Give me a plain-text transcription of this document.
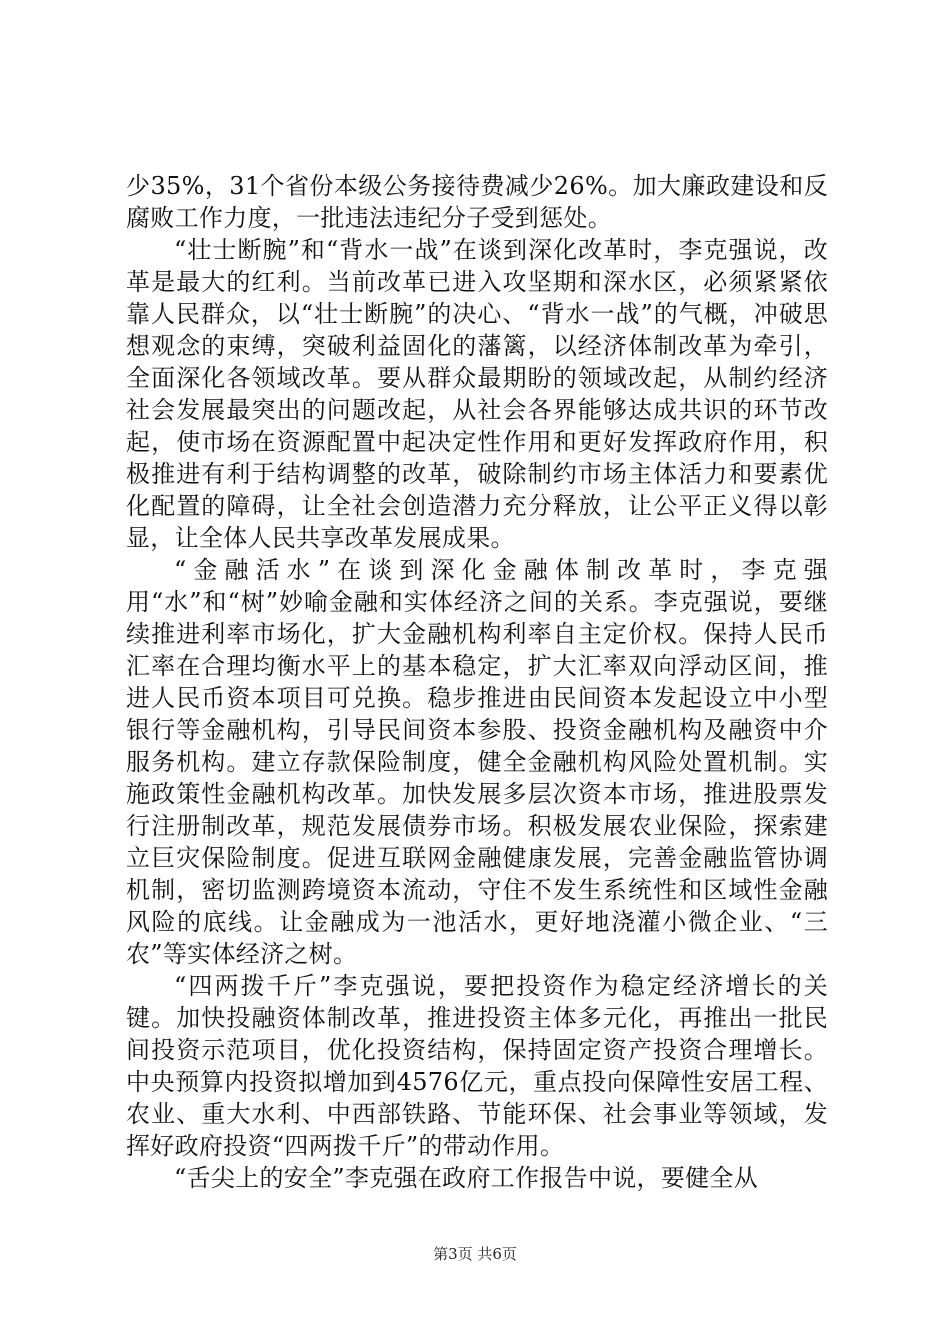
少35%，31个省份本级公务接待费减少26%。加大廉政建设和反腐败工作力度，一批违法违纪分子受到惩处。

“壮士断腕”和“背水一战”在谈到深化改革时，李克强说，改革是最大的红利。当前改革已进入攻坚期和深水区，必须紧紧依靠人民群众，以“壮士断腕”的决心、“背水一战”的气概，冲破思想观念的束缚，突破利益固化的藩篱，以经济体制改革为牵引，全面深化各领域改革。要从群众最期盼的领域改起，从制约经济社会发展最突出的问题改起，从社会各界能够达成共识的环节改起，使市场在资源配置中起决定性作用和更好发挥政府作用，积极推进有利于结构调整的改革，破除制约市场主体活力和要素优化配置的障碍，让全社会创造潜力充分释放，让公平正义得以彰显，让全体人民共享改革发展成果。

“金融活水”在谈到深化金融体制改革时，李克强用“水”和“树”妙喻金融和实体经济之间的关系。李克强说，要继续推进利率市场化，扩大金融机构利率自主定价权。保持人民币汇率在合理均衡水平上的基本稳定，扩大汇率双向浮动区间，推进人民币资本项目可兑换。稳步推进由民间资本发起设立中小型银行等金融机构，引导民间资本参股、投资金融机构及融资中介服务机构。建立存款保险制度，健全金融机构风险处置机制。实施政策性金融机构改革。加快发展多层次资本市场，推进股票发行注册制改革，规范发展债券市场。积极发展农业保险，探索建立巨灾保险制度。促进互联网金融健康发展，完善金融监管协调机制，密切监测跨境资本流动，守住不发生系统性和区域性金融风险的底线。让金融成为一池活水，更好地浇灌小微企业、“三农”等实体经济之树。

“四两拨千斤”李克强说，要把投资作为稳定经济增长的关键。加快投融资体制改革，推进投资主体多元化，再推出一批民间投资示范项目，优化投资结构，保持固定资产投资合理增长。中央预算内投资拟增加到4576亿元，重点投向保障性安居工程、农业、重大水利、中西部铁路、节能环保、社会事业等领域，发挥好政府投资“四两拨千斤”的带动作用。

“舌尖上的安全”李克强在政府工作报告中说，要健全从

第3页 共6页
